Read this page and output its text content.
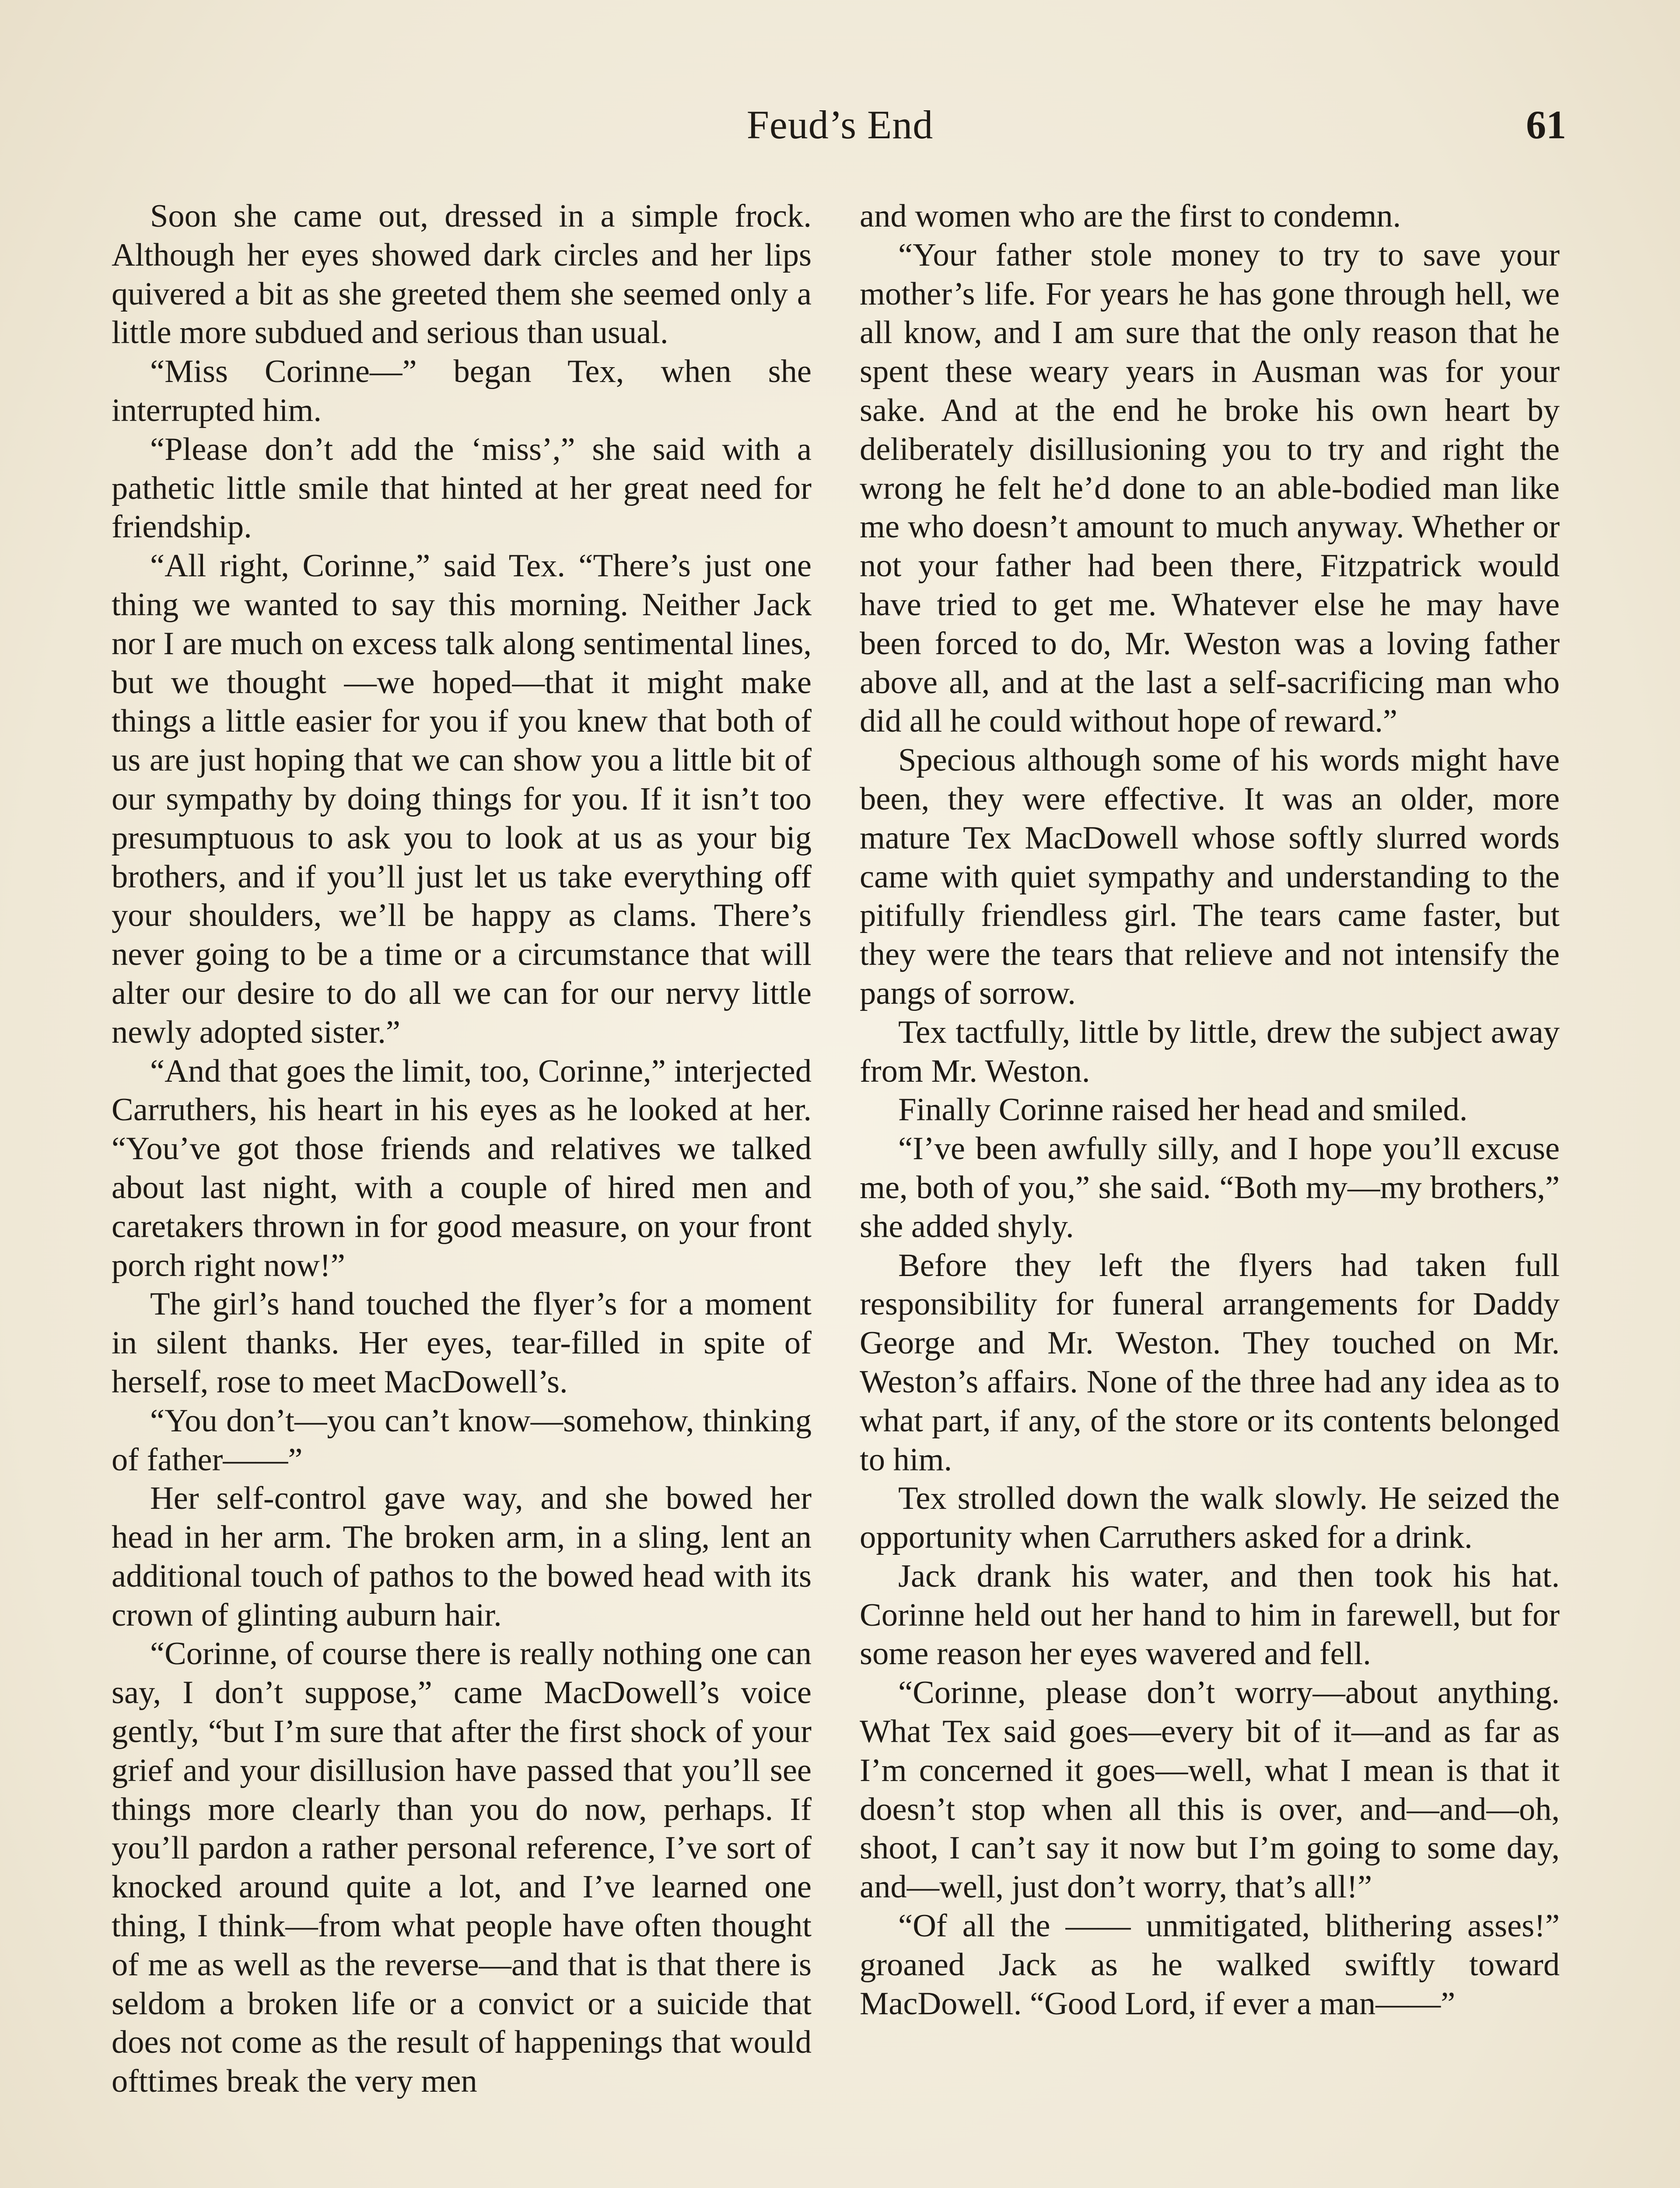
Feud’s End	61

Soon she came out, dressed in a simple frock. Although her eyes showed dark circles and her lips quivered a bit as she greeted them she seemed only a little more subdued and serious than usual.

“Miss Corinne—” began Tex, when she interrupted him.

“Please don’t add the ‘miss’,” she said with a pathetic little smile that hinted at her great need for friendship.

“All right, Corinne,” said Tex. “There’s just one thing we wanted to say this morning. Neither Jack nor I are much on excess talk along sentimental lines, but we thought —we hoped—that it might make things a little easier for you if you knew that both of us are just hoping that we can show you a little bit of our sympathy by doing things for you. If it isn’t too presumptuous to ask you to look at us as your big brothers, and if you’ll just let us take everything off your shoulders, we’ll be happy as clams. There’s never going to be a time or a circumstance that will alter our desire to do all we can for our nervy little newly adopted sister.”

“And that goes the limit, too, Corinne,” interjected Carruthers, his heart in his eyes as he looked at her. “You’ve got those friends and relatives we talked about last night, with a couple of hired men and caretakers thrown in for good measure, on your front porch right now!”

The girl’s hand touched the flyer’s for a moment in silent thanks. Her eyes, tear-filled in spite of herself, rose to meet MacDowell’s.

“You don’t—you can’t know—somehow, thinking of father——”

Her self-control gave way, and she bowed her head in her arm. The broken arm, in a sling, lent an additional touch of pathos to the bowed head with its crown of glinting auburn hair.

“Corinne, of course there is really nothing one can say, I don’t suppose,” came MacDowell’s voice gently, “but I’m sure that after the first shock of your grief and your disillusion have passed that you’ll see things more clearly than you do now, perhaps. If you’ll pardon a rather personal reference, I’ve sort of knocked around quite a lot, and I’ve learned one thing, I think—from what people have often thought of me as well as the reverse—and that is that there is seldom a broken life or a convict or a suicide that does not come as the result of happenings that would ofttimes break the very men

and women who are the first to condemn.

“Your father stole money to try to save your mother’s life. For years he has gone through hell, we all know, and I am sure that the only reason that he spent these weary years in Ausman was for your sake. And at the end he broke his own heart by deliberately disillusioning you to try and right the wrong he felt he’d done to an able-bodied man like me who doesn’t amount to much anyway. Whether or not your father had been there, Fitzpatrick would have tried to get me. Whatever else he may have been forced to do, Mr. Weston was a loving father above all, and at the last a self-sacrificing man who did all he could without hope of reward.”

Specious although some of his words might have been, they were effective. It was an older, more mature Tex MacDowell whose softly slurred words came with quiet sympathy and understanding to the pitifully friendless girl. The tears came faster, but they were the tears that relieve and not intensify the pangs of sorrow.

Tex tactfully, little by little, drew the subject away from Mr. Weston.

Finally Corinne raised her head and smiled.

“I’ve been awfully silly, and I hope you’ll excuse me, both of you,” she said. “Both my—my brothers,” she added shyly.

Before they left the flyers had taken full responsibility for funeral arrangements for Daddy George and Mr. Weston. They touched on Mr. Weston’s affairs. None of the three had any idea as to what part, if any, of the store or its contents belonged to him.

Tex strolled down the walk slowly. He seized the opportunity when Carruthers asked for a drink.

Jack drank his water, and then took his hat. Corinne held out her hand to him in farewell, but for some reason her eyes wavered and fell.

“Corinne, please don’t worry—about anything. What Tex said goes—every bit of it—and as far as I’m concerned it goes—well, what I mean is that it doesn’t stop when all this is over, and—and—oh, shoot, I can’t say it now but I’m going to some day, and—well, just don’t worry, that’s all!”

“Of all the —— unmitigated, blithering asses!” groaned Jack as he walked swiftly toward MacDowell. “Good Lord, if ever a man——”
